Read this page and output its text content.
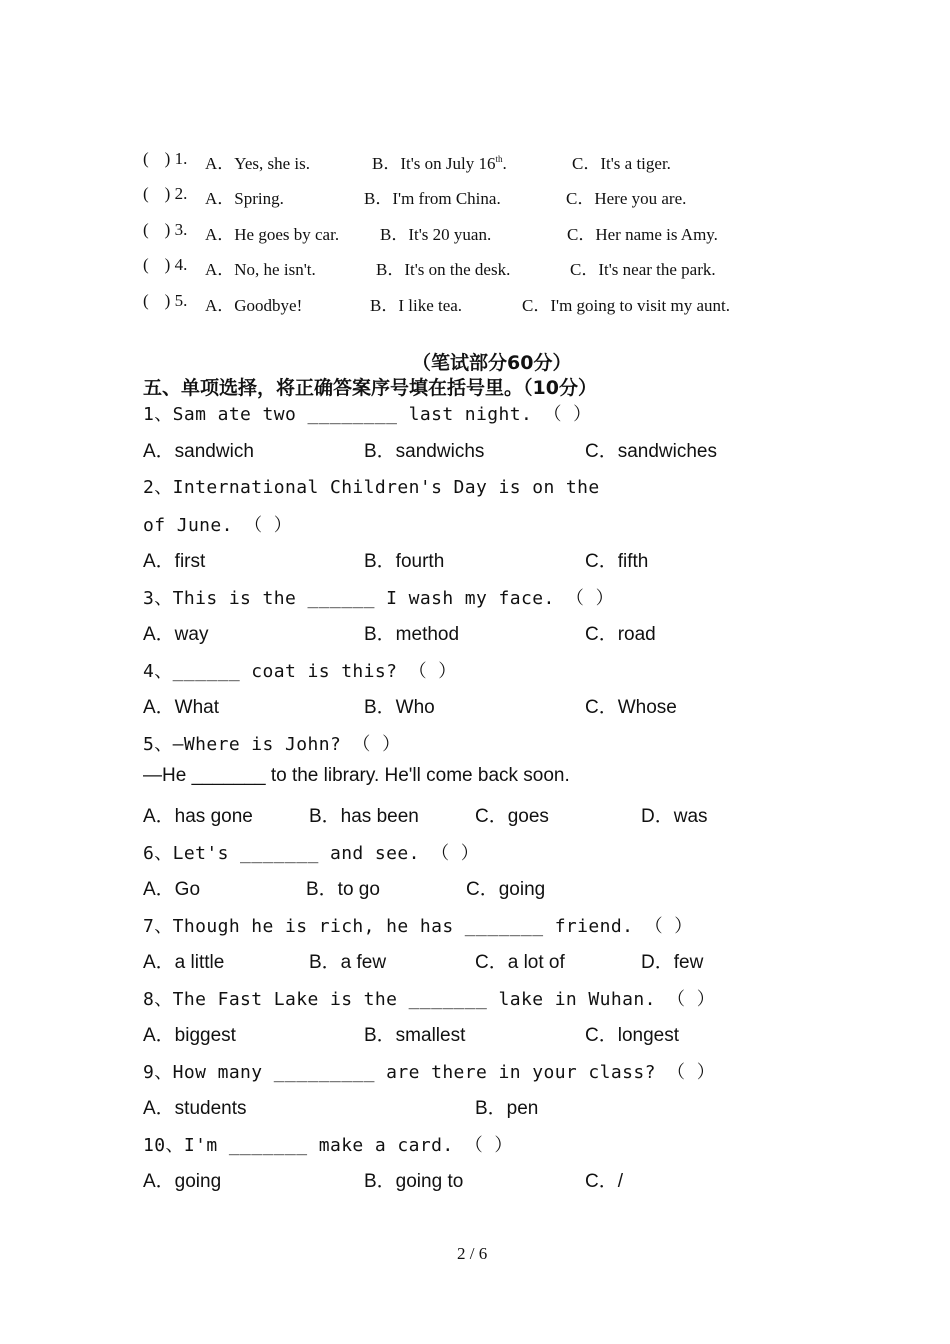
( ) 1. A．Yes, she is.	B．It's on July 16th.	C．It's a tiger.
( ) 2. A．Spring.	B．I'm from China.	C．Here you are.
( ) 3. A．He goes by car. B．It's 20 yuan.	C．Her name is Amy.
( ) 4. A．No, he isn't.	B．It's on the desk.	C．It's near the park.
( ) 5. A．Goodbye!	B．I like tea.	C．I'm going to visit my aunt.
（笔试部分60分）
五、单项选择，将正确答案序号填在括号里。（10分）
1、Sam ate two ________ last night. （ ）
A．sandwich	B．sandwichs	C．sandwiches
2、International Children's Day is on the
of June. （ ）
A．first	B．fourth	C．fifth
3、This is the ______ I wash my face. （ ）
A．way	B．method	C．road
4、______ coat is this? （ ）
A．What	B．Who	C．Whose
5、—Where is John? （ ）
—He _______ to the library. He'll come back soon.
A．has gone	B．has been	C．goes	D．was
6、Let's _______ and see. （ ）
A．Go	B．to go	C．going
7、Though he is rich, he has _______ friend. （ ）
A．a little	B．a few	C．a lot of	D．few
8、The Fast Lake is the _______ lake in Wuhan. （ ）
A．biggest	B．smallest	C．longest
9、How many _________ are there in your class? （ ）
A．students	B．pen
10、I'm _______ make a card. （ ）
A．going	B．going to	C．/
2 / 6
